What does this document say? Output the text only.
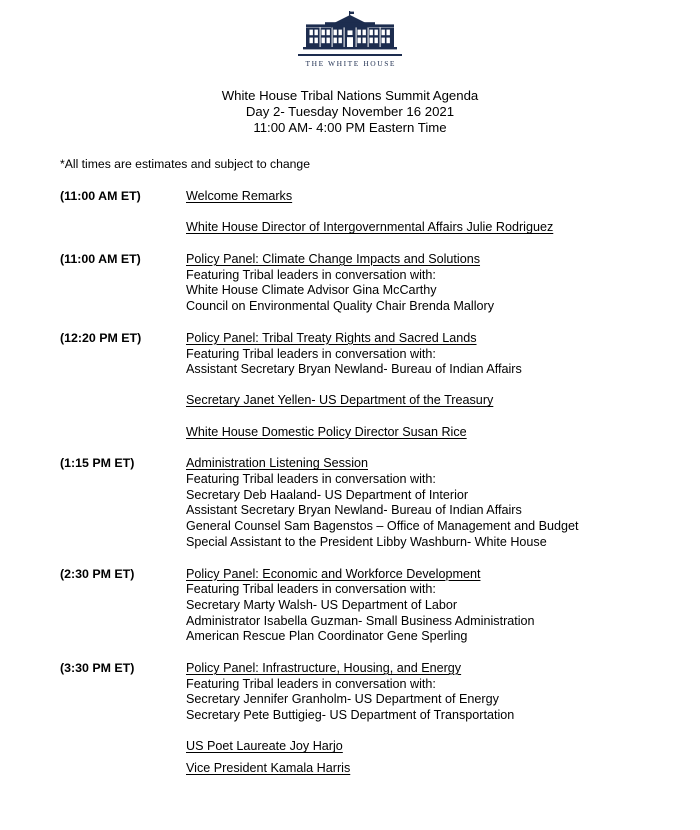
THE WHITE HOUSE
White House Tribal Nations Summit Agenda
Day 2- Tuesday November 16 2021
11:00 AM- 4:00 PM Eastern Time
*All times are estimates and subject to change
(11:00 AM ET)	Welcome Remarks
White House Director of Intergovernmental Affairs Julie Rodriguez
(11:00 AM ET)	Policy Panel: Climate Change Impacts and Solutions
Featuring Tribal leaders in conversation with:
White House Climate Advisor Gina McCarthy
Council on Environmental Quality Chair Brenda Mallory
(12:20 PM ET)	Policy Panel: Tribal Treaty Rights and Sacred Lands
Featuring Tribal leaders in conversation with:
Assistant Secretary Bryan Newland- Bureau of Indian Affairs
Secretary Janet Yellen- US Department of the Treasury
White House Domestic Policy Director Susan Rice
(1:15 PM ET)	Administration Listening Session
Featuring Tribal leaders in conversation with:
Secretary Deb Haaland- US Department of Interior
Assistant Secretary Bryan Newland- Bureau of Indian Affairs
General Counsel Sam Bagenstos – Office of Management and Budget
Special Assistant to the President Libby Washburn- White House
(2:30 PM ET)	Policy Panel: Economic and Workforce Development
Featuring Tribal leaders in conversation with:
Secretary Marty Walsh- US Department of Labor
Administrator Isabella Guzman- Small Business Administration
American Rescue Plan Coordinator Gene Sperling
(3:30 PM ET)	Policy Panel: Infrastructure, Housing, and Energy
Featuring Tribal leaders in conversation with:
Secretary Jennifer Granholm- US Department of Energy
Secretary Pete Buttigieg- US Department of Transportation
US Poet Laureate Joy Harjo
Vice President Kamala Harris
